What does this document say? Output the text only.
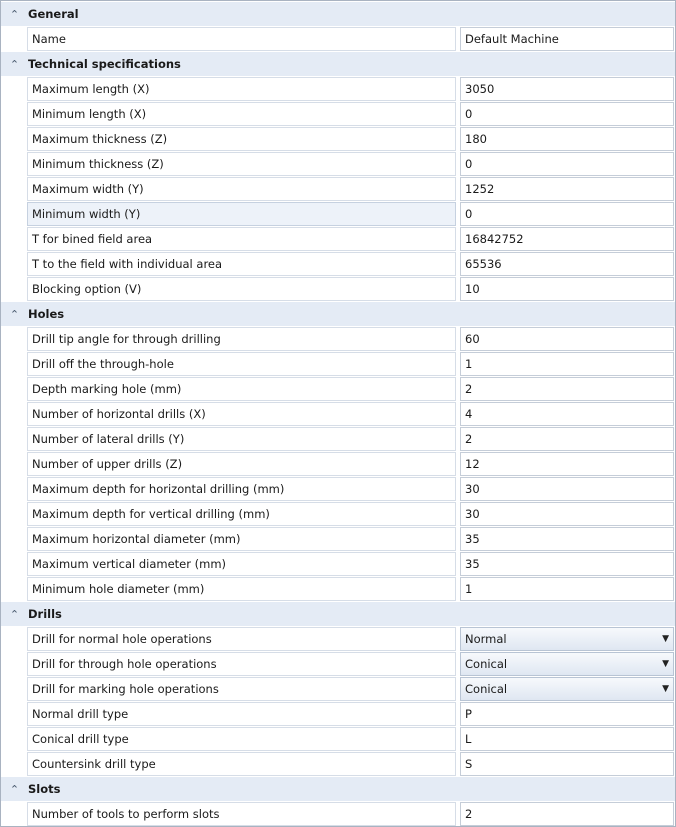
⌃ General
Name	Default Machine
⌃ Technical specifications
Maximum length (X)	3050
Minimum length (X)	0
Maximum thickness (Z)	180
Minimum thickness (Z)	0
Maximum width (Y)	1252
Minimum width (Y)	0
T for bined field area	16842752
T to the field with individual area	65536
Blocking option (V)	10
⌃ Holes
Drill tip angle for through drilling	60
Drill off the through-hole	1
Depth marking hole (mm)	2
Number of horizontal drills (X)	4
Number of lateral drills (Y)	2
Number of upper drills (Z)	12
Maximum depth for horizontal drilling (mm)	30
Maximum depth for vertical drilling (mm)	30
Maximum horizontal diameter (mm)	35
Maximum vertical diameter (mm)	35
Minimum hole diameter (mm)	1
⌃ Drills
Drill for normal hole operations	Normal	▼
Drill for through hole operations	Conical	▼
Drill for marking hole operations	Conical	▼
Normal drill type	P
Conical drill type	L
Countersink drill type	S
⌃ Slots
Number of tools to perform slots	2
